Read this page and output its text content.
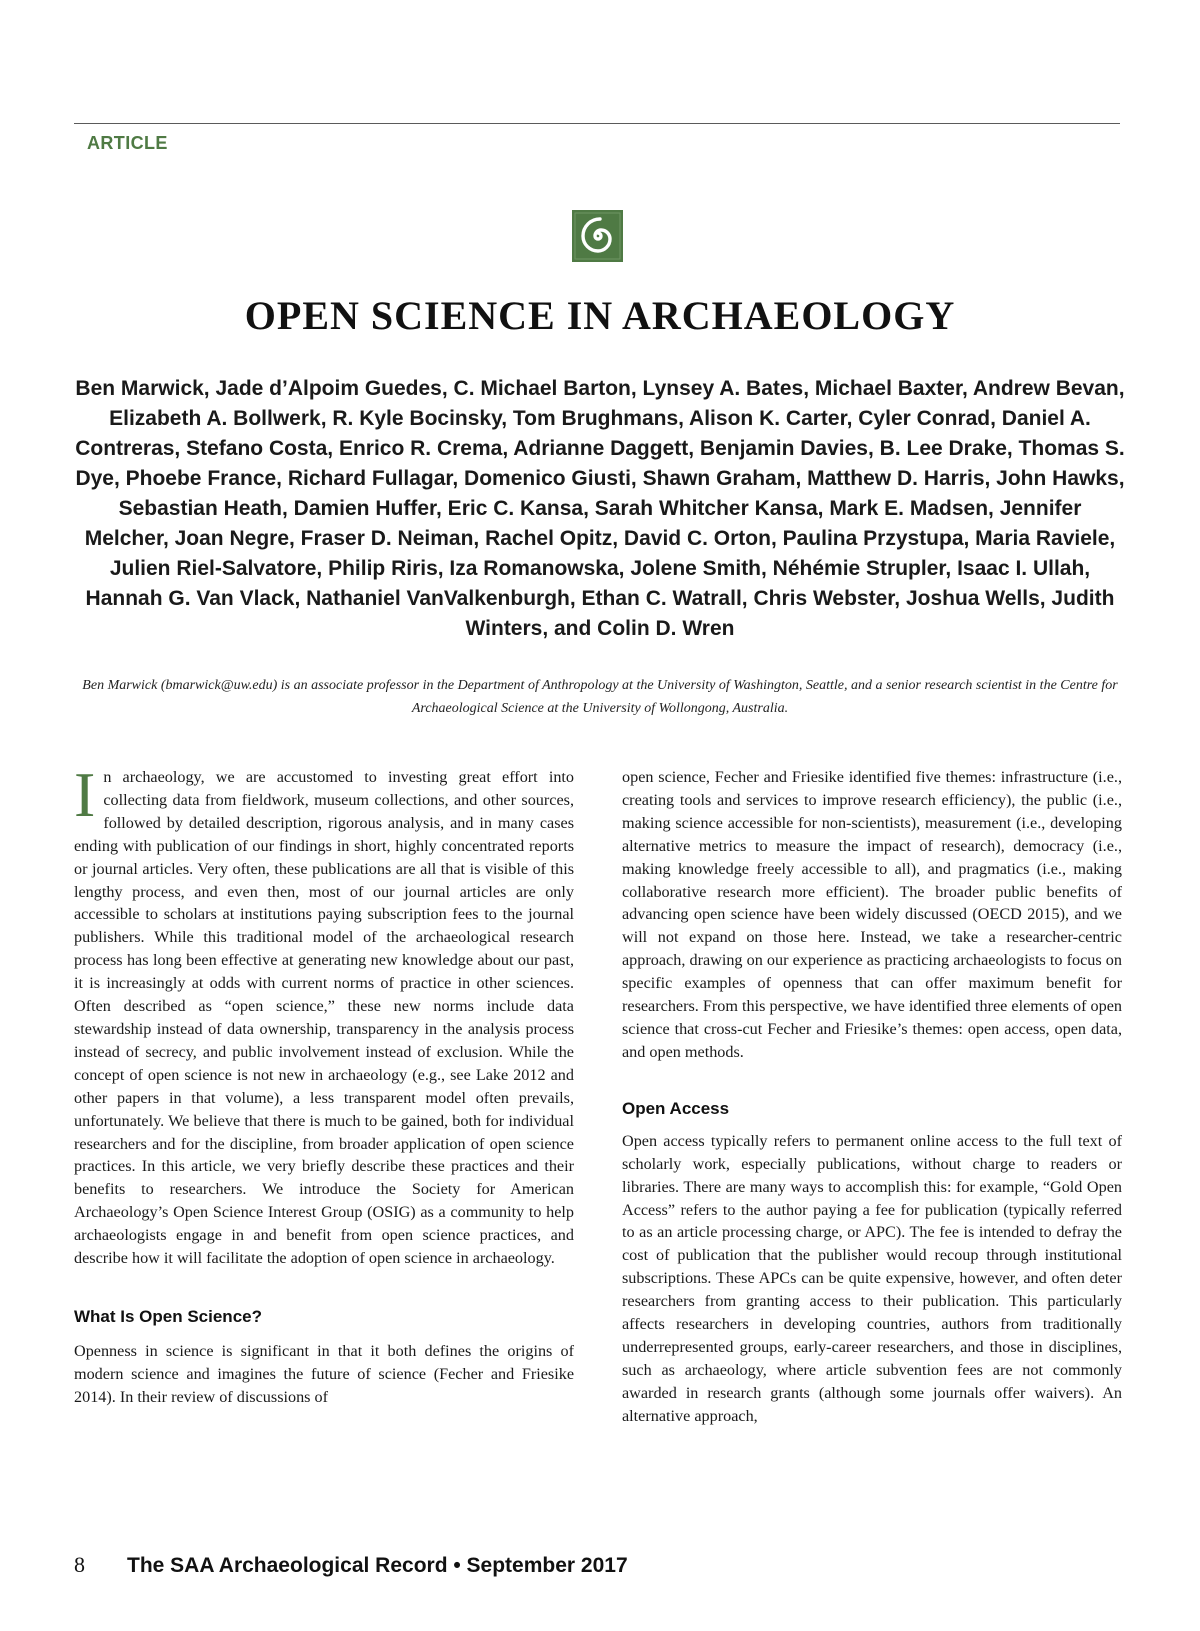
ARTICLE
OPEN SCIENCE IN ARCHAEOLOGY

Ben Marwick, Jade d’Alpoim Guedes, C. Michael Barton, Lynsey A. Bates, Michael Baxter, Andrew Bevan, Elizabeth A. Bollwerk, R. Kyle Bocinsky, Tom Brughmans, Alison K. Carter, Cyler Conrad, Daniel A. Contreras, Stefano Costa, Enrico R. Crema, Adrianne Daggett, Benjamin Davies, B. Lee Drake, Thomas S. Dye, Phoebe France, Richard Fullagar, Domenico Giusti, Shawn Graham, Matthew D. Harris, John Hawks, Sebastian Heath, Damien Huffer, Eric C. Kansa, Sarah Whitcher Kansa, Mark E. Madsen, Jennifer Melcher, Joan Negre, Fraser D. Neiman, Rachel Opitz, David C. Orton, Paulina Przystupa, Maria Raviele, Julien Riel-Salvatore, Philip Riris, Iza Romanowska, Jolene Smith, Néhémie Strupler, Isaac I. Ullah, Hannah G. Van Vlack, Nathaniel VanValkenburgh, Ethan C. Watrall, Chris Webster, Joshua Wells, Judith Winters, and Colin D. Wren

Ben Marwick (bmarwick@uw.edu) is an associate professor in the Department of Anthropology at the University of Washington, Seattle, and a senior research scientist in the Centre for Archaeological Science at the University of Wollongong, Australia.

In archaeology, we are accustomed to investing great effort into collecting data from fieldwork, museum collections, and other sources, followed by detailed description, rigorous analysis, and in many cases ending with publication of our findings in short, highly concentrated reports or journal articles. Very often, these publications are all that is visible of this lengthy process, and even then, most of our journal articles are only accessible to scholars at institutions paying subscription fees to the journal publishers. While this traditional model of the archaeological research process has long been effective at generating new knowledge about our past, it is increasingly at odds with current norms of practice in other sciences. Often described as “open science,” these new norms include data stewardship instead of data ownership, transparency in the analysis process instead of secrecy, and public involvement instead of exclusion. While the concept of open science is not new in archaeology (e.g., see Lake 2012 and other papers in that volume), a less transparent model often prevails, unfortunately. We believe that there is much to be gained, both for individual researchers and for the discipline, from broader application of open science practices. In this article, we very briefly describe these practices and their benefits to researchers. We introduce the Society for American Archaeology’s Open Science Interest Group (OSIG) as a community to help archaeologists engage in and benefit from open science practices, and describe how it will facilitate the adoption of open science in archaeology.

What Is Open Science?

Openness in science is significant in that it both defines the origins of modern science and imagines the future of science (Fecher and Friesike 2014). In their review of discussions of

open science, Fecher and Friesike identified five themes: infrastructure (i.e., creating tools and services to improve research efficiency), the public (i.e., making science accessible for non-scientists), measurement (i.e., developing alternative metrics to measure the impact of research), democracy (i.e., making knowledge freely accessible to all), and pragmatics (i.e., making collaborative research more efficient). The broader public benefits of advancing open science have been widely discussed (OECD 2015), and we will not expand on those here. Instead, we take a researcher-centric approach, drawing on our experience as practicing archaeologists to focus on specific examples of openness that can offer maximum benefit for researchers. From this perspective, we have identified three elements of open science that cross-cut Fecher and Friesike’s themes: open access, open data, and open methods.

Open Access

Open access typically refers to permanent online access to the full text of scholarly work, especially publications, without charge to readers or libraries. There are many ways to accomplish this: for example, “Gold Open Access” refers to the author paying a fee for publication (typically referred to as an article processing charge, or APC). The fee is intended to defray the cost of publication that the publisher would recoup through institutional subscriptions. These APCs can be quite expensive, however, and often deter researchers from granting access to their publication. This particularly affects researchers in developing countries, authors from traditionally underrepresented groups, early-career researchers, and those in disciplines, such as archaeology, where article subvention fees are not commonly awarded in research grants (although some journals offer waivers). An alternative approach,

8 The SAA Archaeological Record • September 2017
